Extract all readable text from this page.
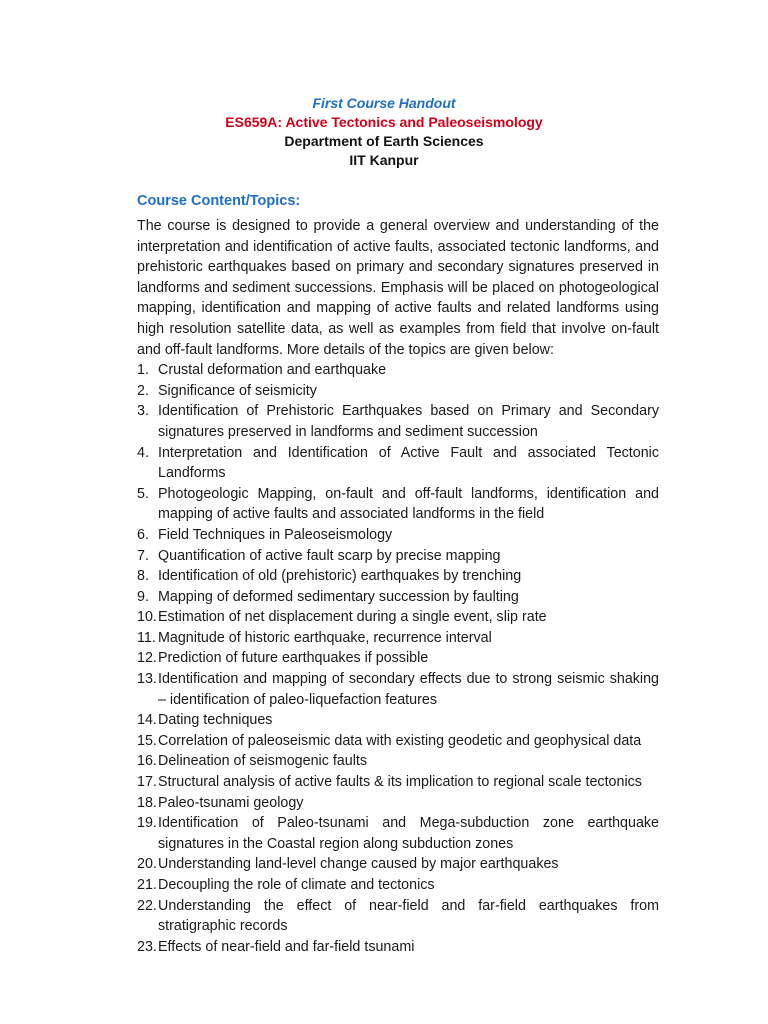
First Course Handout
ES659A: Active Tectonics and Paleoseismology
Department of Earth Sciences
IIT Kanpur
Course Content/Topics:

The course is designed to provide a general overview and understanding of the interpretation and identification of active faults, associated tectonic landforms, and prehistoric earthquakes based on primary and secondary signatures preserved in landforms and sediment successions. Emphasis will be placed on photogeological mapping, identification and mapping of active faults and related landforms using high resolution satellite data, as well as examples from field that involve on-fault and off-fault landforms. More details of the topics are given below:

1. Crustal deformation and earthquake
2. Significance of seismicity
3. Identification of Prehistoric Earthquakes based on Primary and Secondary signatures preserved in landforms and sediment succession
4. Interpretation and Identification of Active Fault and associated Tectonic Landforms
5. Photogeologic Mapping, on-fault and off-fault landforms, identification and mapping of active faults and associated landforms in the field
6. Field Techniques in Paleoseismology
7. Quantification of active fault scarp by precise mapping
8. Identification of old (prehistoric) earthquakes by trenching
9. Mapping of deformed sedimentary succession by faulting
10. Estimation of net displacement during a single event, slip rate
11. Magnitude of historic earthquake, recurrence interval
12. Prediction of future earthquakes if possible
13. Identification and mapping of secondary effects due to strong seismic shaking – identification of paleo-liquefaction features
14. Dating techniques
15. Correlation of paleoseismic data with existing geodetic and geophysical data
16. Delineation of seismogenic faults
17. Structural analysis of active faults & its implication to regional scale tectonics
18. Paleo-tsunami geology
19. Identification of Paleo-tsunami and Mega-subduction zone earthquake signatures in the Coastal region along subduction zones
20. Understanding land-level change caused by major earthquakes
21. Decoupling the role of climate and tectonics
22. Understanding the effect of near-field and far-field earthquakes from stratigraphic records
23. Effects of near-field and far-field tsunami
